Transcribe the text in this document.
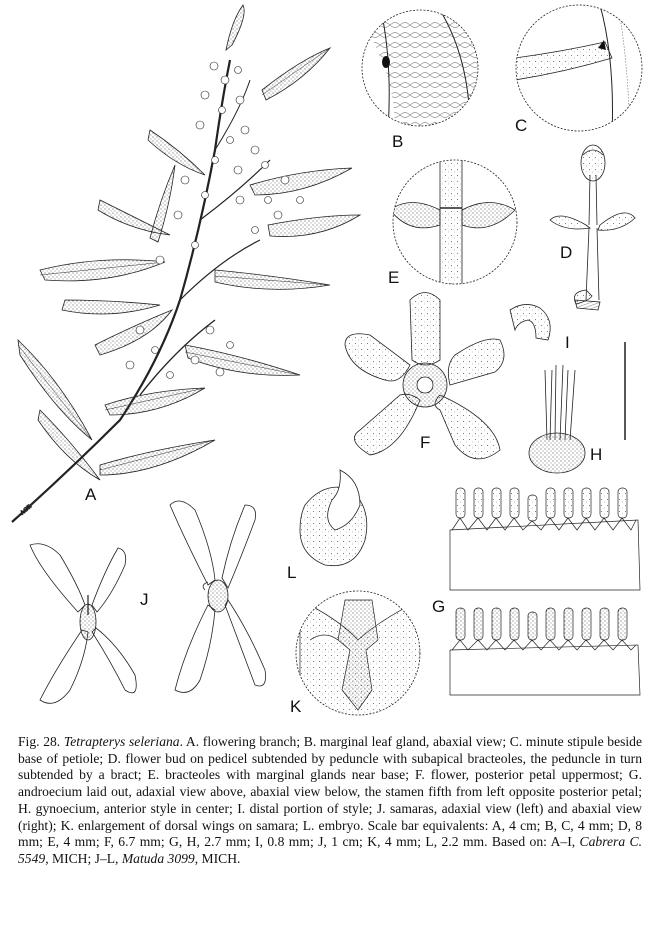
AOR
A
B
C
D
E
F
I
H
G
L
J
K
Fig. 28. Tetrapterys seleriana. A. flowering branch; B. marginal leaf gland, abaxial view; C. minute stipule beside base of petiole; D. flower bud on pedicel subtended by peduncle with subapical bracteoles, the peduncle in turn subtended by a bract; E. bracteoles with marginal glands near base; F. flower, posterior petal uppermost; G. androecium laid out, adaxial view above, abaxial view below, the stamen fifth from left opposite posterior petal; H. gynoecium, anterior style in center; I. distal portion of style; J. samaras, adaxial view (left) and abaxial view (right); K. enlargement of dorsal wings on samara; L. embryo. Scale bar equivalents: A, 4 cm; B, C, 4 mm; D, 8 mm; E, 4 mm; F, 6.7 mm; G, H, 2.7 mm; I, 0.8 mm; J, 1 cm; K, 4 mm; L, 2.2 mm. Based on: A–I, Cabrera C. 5549, MICH; J–L, Matuda 3099, MICH.
